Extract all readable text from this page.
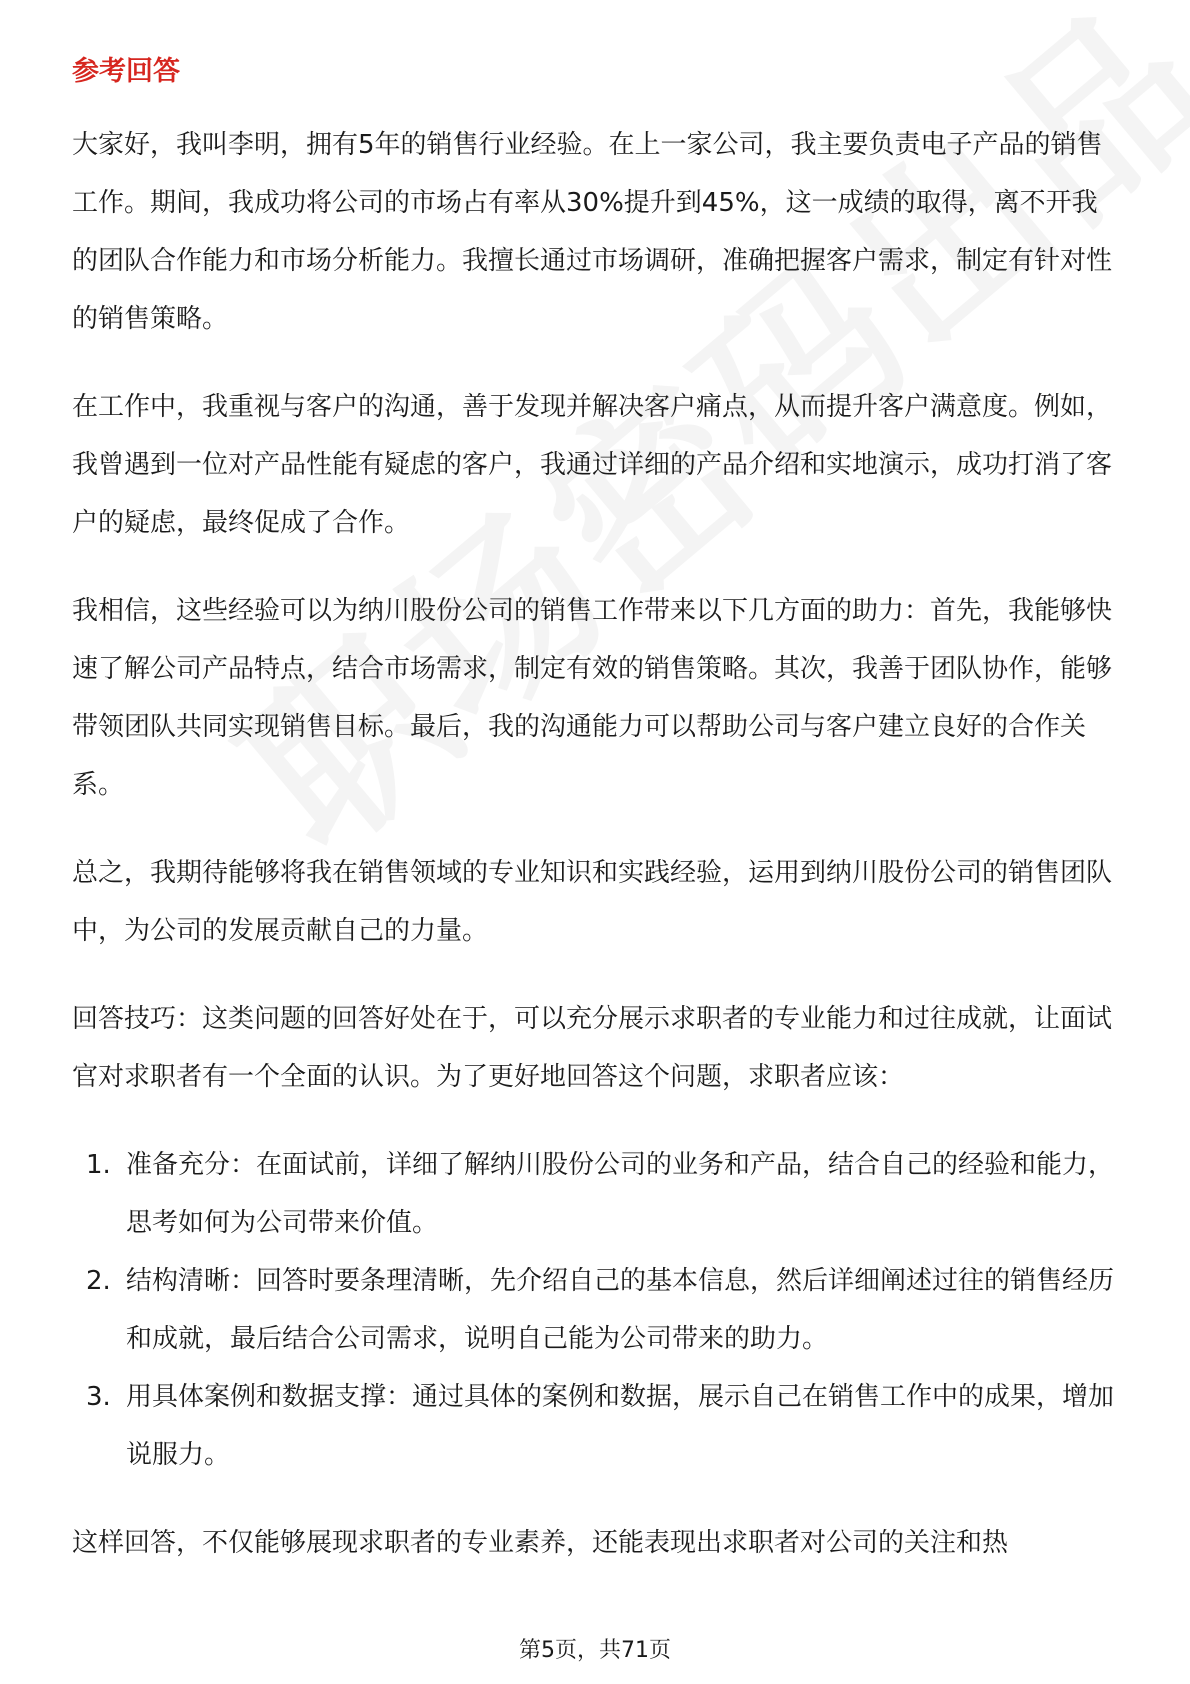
参考回答

大家好，我叫李明，拥有5年的销售行业经验。在上一家公司，我主要负责电子产品的销售工作。期间，我成功将公司的市场占有率从30%提升到45%，这一成绩的取得，离不开我的团队合作能力和市场分析能力。我擅长通过市场调研，准确把握客户需求，制定有针对性的销售策略。

在工作中，我重视与客户的沟通，善于发现并解决客户痛点，从而提升客户满意度。例如，我曾遇到一位对产品性能有疑虑的客户，我通过详细的产品介绍和实地演示，成功打消了客户的疑虑，最终促成了合作。

我相信，这些经验可以为纳川股份公司的销售工作带来以下几方面的助力：首先，我能够快速了解公司产品特点，结合市场需求，制定有效的销售策略。其次，我善于团队协作，能够带领团队共同实现销售目标。最后，我的沟通能力可以帮助公司与客户建立良好的合作关系。

总之，我期待能够将我在销售领域的专业知识和实践经验，运用到纳川股份公司的销售团队中，为公司的发展贡献自己的力量。

回答技巧：这类问题的回答好处在于，可以充分展示求职者的专业能力和过往成就，让面试官对求职者有一个全面的认识。为了更好地回答这个问题，求职者应该：

1. 准备充分：在面试前，详细了解纳川股份公司的业务和产品，结合自己的经验和能力，思考如何为公司带来价值。
2. 结构清晰：回答时要条理清晰，先介绍自己的基本信息，然后详细阐述过往的销售经历和成就，最后结合公司需求，说明自己能为公司带来的助力。
3. 用具体案例和数据支撑：通过具体的案例和数据，展示自己在销售工作中的成果，增加说服力。

这样回答，不仅能够展现求职者的专业素养，还能表现出求职者对公司的关注和热

第5页，共71页
